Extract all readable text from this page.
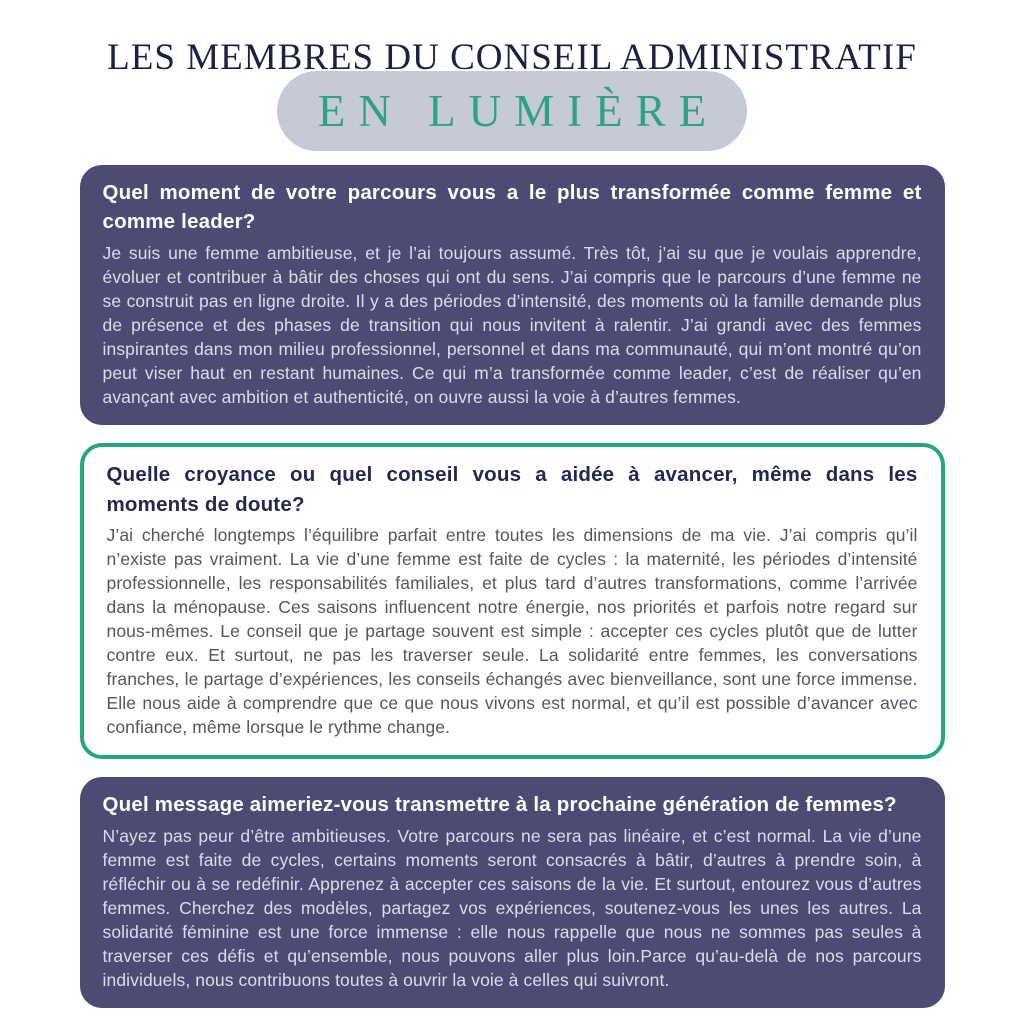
LES MEMBRES DU CONSEIL ADMINISTRATIF
EN LUMIÈRE
Quel moment de votre parcours vous a le plus transformée comme femme et comme leader?

Je suis une femme ambitieuse, et je l’ai toujours assumé. Très tôt, j’ai su que je voulais apprendre, évoluer et contribuer à bâtir des choses qui ont du sens. J’ai compris que le parcours d’une femme ne se construit pas en ligne droite. Il y a des périodes d’intensité, des moments où la famille demande plus de présence et des phases de transition qui nous invitent à ralentir. J’ai grandi avec des femmes inspirantes dans mon milieu professionnel, personnel et dans ma communauté, qui m’ont montré qu’on peut viser haut en restant humaines. Ce qui m’a transformée comme leader, c’est de réaliser qu’en avançant avec ambition et authenticité, on ouvre aussi la voie à d’autres femmes.

Quelle croyance ou quel conseil vous a aidée à avancer, même dans les moments de doute?

J’ai cherché longtemps l’équilibre parfait entre toutes les dimensions de ma vie. J’ai compris qu’il n’existe pas vraiment. La vie d’une femme est faite de cycles : la maternité, les périodes d’intensité professionnelle, les responsabilités familiales, et plus tard d’autres transformations, comme l’arrivée dans la ménopause. Ces saisons influencent notre énergie, nos priorités et parfois notre regard sur nous-mêmes. Le conseil que je partage souvent est simple : accepter ces cycles plutôt que de lutter contre eux. Et surtout, ne pas les traverser seule. La solidarité entre femmes, les conversations franches, le partage d’expériences, les conseils échangés avec bienveillance, sont une force immense. Elle nous aide à comprendre que ce que nous vivons est normal, et qu’il est possible d’avancer avec confiance, même lorsque le rythme change.

Quel message aimeriez-vous transmettre à la prochaine génération de femmes?

N’ayez pas peur d’être ambitieuses. Votre parcours ne sera pas linéaire, et c’est normal. La vie d’une femme est faite de cycles, certains moments seront consacrés à bâtir, d’autres à prendre soin, à réfléchir ou à se redéfinir. Apprenez à accepter ces saisons de la vie. Et surtout, entourez vous d’autres femmes. Cherchez des modèles, partagez vos expériences, soutenez-vous les unes les autres. La solidarité féminine est une force immense : elle nous rappelle que nous ne sommes pas seules à traverser ces défis et qu’ensemble, nous pouvons aller plus loin.Parce qu’au-delà de nos parcours individuels, nous contribuons toutes à ouvrir la voie à celles qui suivront.
